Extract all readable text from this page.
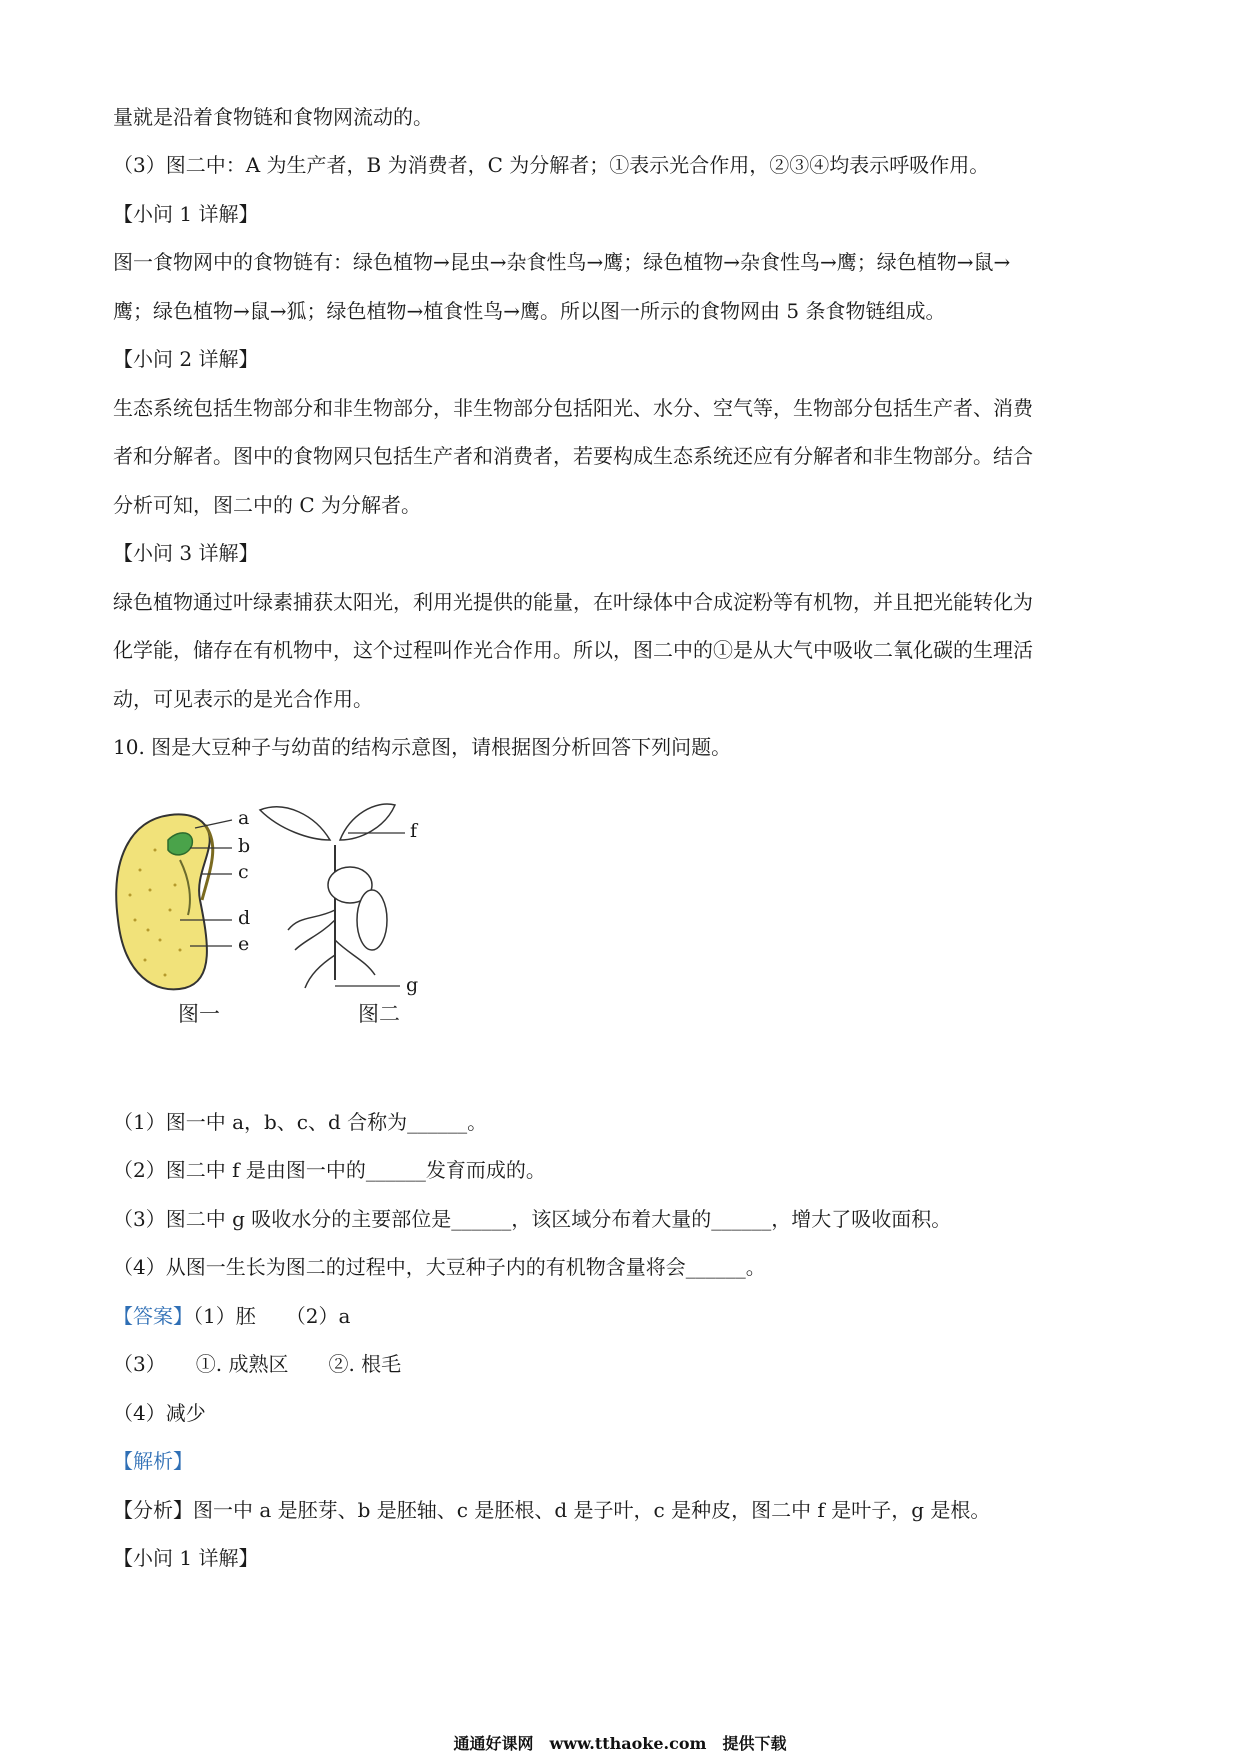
量就是沿着食物链和食物网流动的。
（3）图二中：A 为生产者，B 为消费者，C 为分解者；①表示光合作用，②③④均表示呼吸作用。
【小问 1 详解】
图一食物网中的食物链有：绿色植物→昆虫→杂食性鸟→鹰；绿色植物→杂食性鸟→鹰；绿色植物→鼠→
鹰；绿色植物→鼠→狐；绿色植物→植食性鸟→鹰。所以图一所示的食物网由 5 条食物链组成。
【小问 2 详解】
生态系统包括生物部分和非生物部分，非生物部分包括阳光、水分、空气等，生物部分包括生产者、消费
者和分解者。图中的食物网只包括生产者和消费者，若要构成生态系统还应有分解者和非生物部分。结合
分析可知，图二中的 C 为分解者。
【小问 3 详解】
绿色植物通过叶绿素捕获太阳光，利用光提供的能量，在叶绿体中合成淀粉等有机物，并且把光能转化为
化学能，储存在有机物中，这个过程叫作光合作用。所以，图二中的①是从大气中吸收二氧化碳的生理活
动，可见表示的是光合作用。
10. 图是大豆种子与幼苗的结构示意图，请根据图分析回答下列问题。
a
b
c
d
e
f
g
图一	图二
（1）图一中 a，b、c、d 合称为______。
（2）图二中 f 是由图一中的______发育而成的。
（3）图二中 g 吸收水分的主要部位是______，该区域分布着大量的______，增大了吸收面积。
（4）从图一生长为图二的过程中，大豆种子内的有机物含量将会______。
【答案】（1）胚　　（2）a
（3）　　①. 成熟区　　②. 根毛
（4）减少
【解析】
【分析】图一中 a 是胚芽、b 是胚轴、c 是胚根、d 是子叶，c 是种皮，图二中 f 是叶子，g 是根。
【小问 1 详解】
通通好课网　www.tthaoke.com　提供下载
